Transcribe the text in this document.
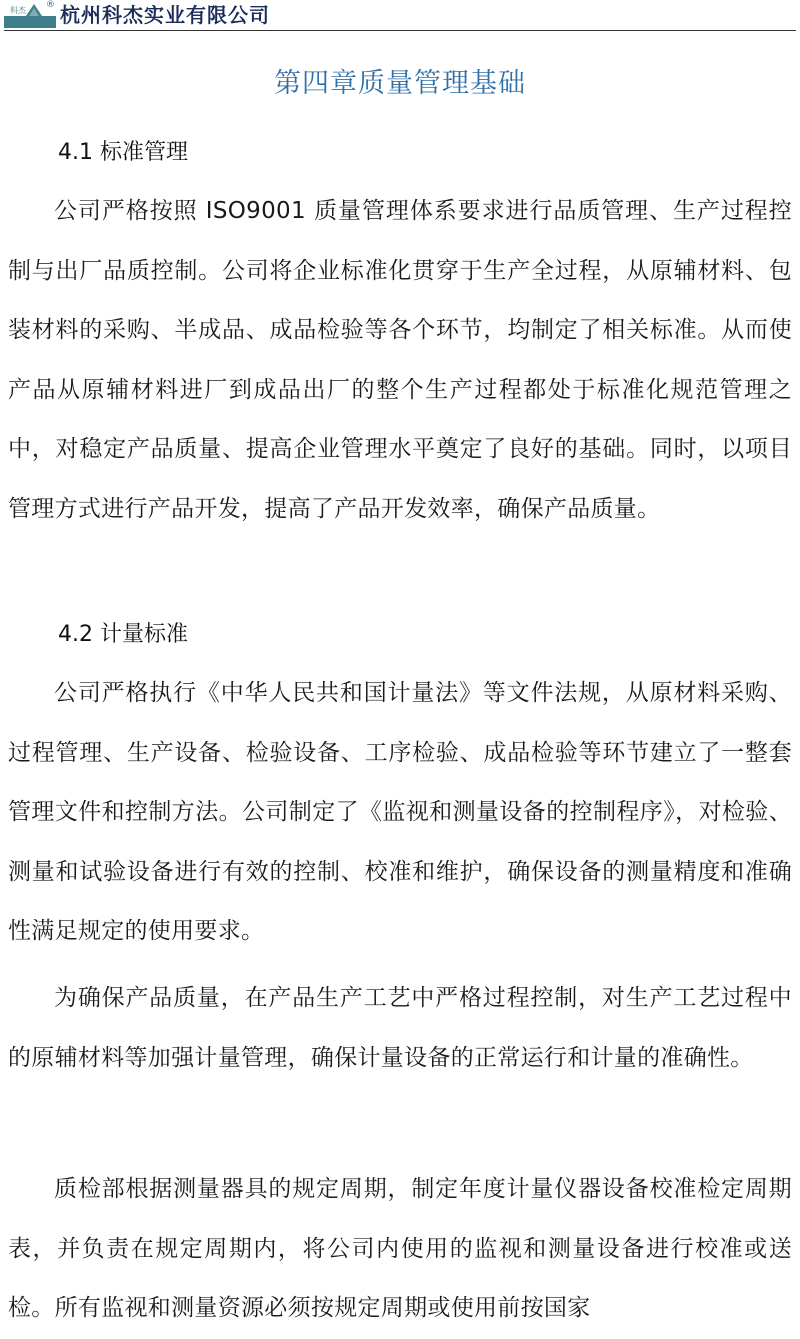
科杰
® 杭州科杰实业有限公司
第四章质量管理基础
4.1 标准管理

公司严格按照 ISO9001 质量管理体系要求进行品质管理、生产过程控制与出厂品质控制。公司将企业标准化贯穿于生产全过程，从原辅材料、包装材料的采购、半成品、成品检验等各个环节，均制定了相关标准。从而使产品从原辅材料进厂到成品出厂的整个生产过程都处于标准化规范管理之中，对稳定产品质量、提高企业管理水平奠定了良好的基础。同时，以项目管理方式进行产品开发，提高了产品开发效率，确保产品质量。

4.2 计量标准

公司严格执行《中华人民共和国计量法》等文件法规，从原材料采购、过程管理、生产设备、检验设备、工序检验、成品检验等环节建立了一整套管理文件和控制方法。公司制定了《监视和测量设备的控制程序》，对检验、测量和试验设备进行有效的控制、校准和维护，确保设备的测量精度和准确性满足规定的使用要求。

为确保产品质量，在产品生产工艺中严格过程控制，对生产工艺过程中的原辅材料等加强计量管理，确保计量设备的正常运行和计量的准确性。

质检部根据测量器具的规定周期，制定年度计量仪器设备校准检定周期表，并负责在规定周期内，将公司内使用的监视和测量设备进行校准或送检。所有监视和测量资源必须按规定周期或使用前按国家
